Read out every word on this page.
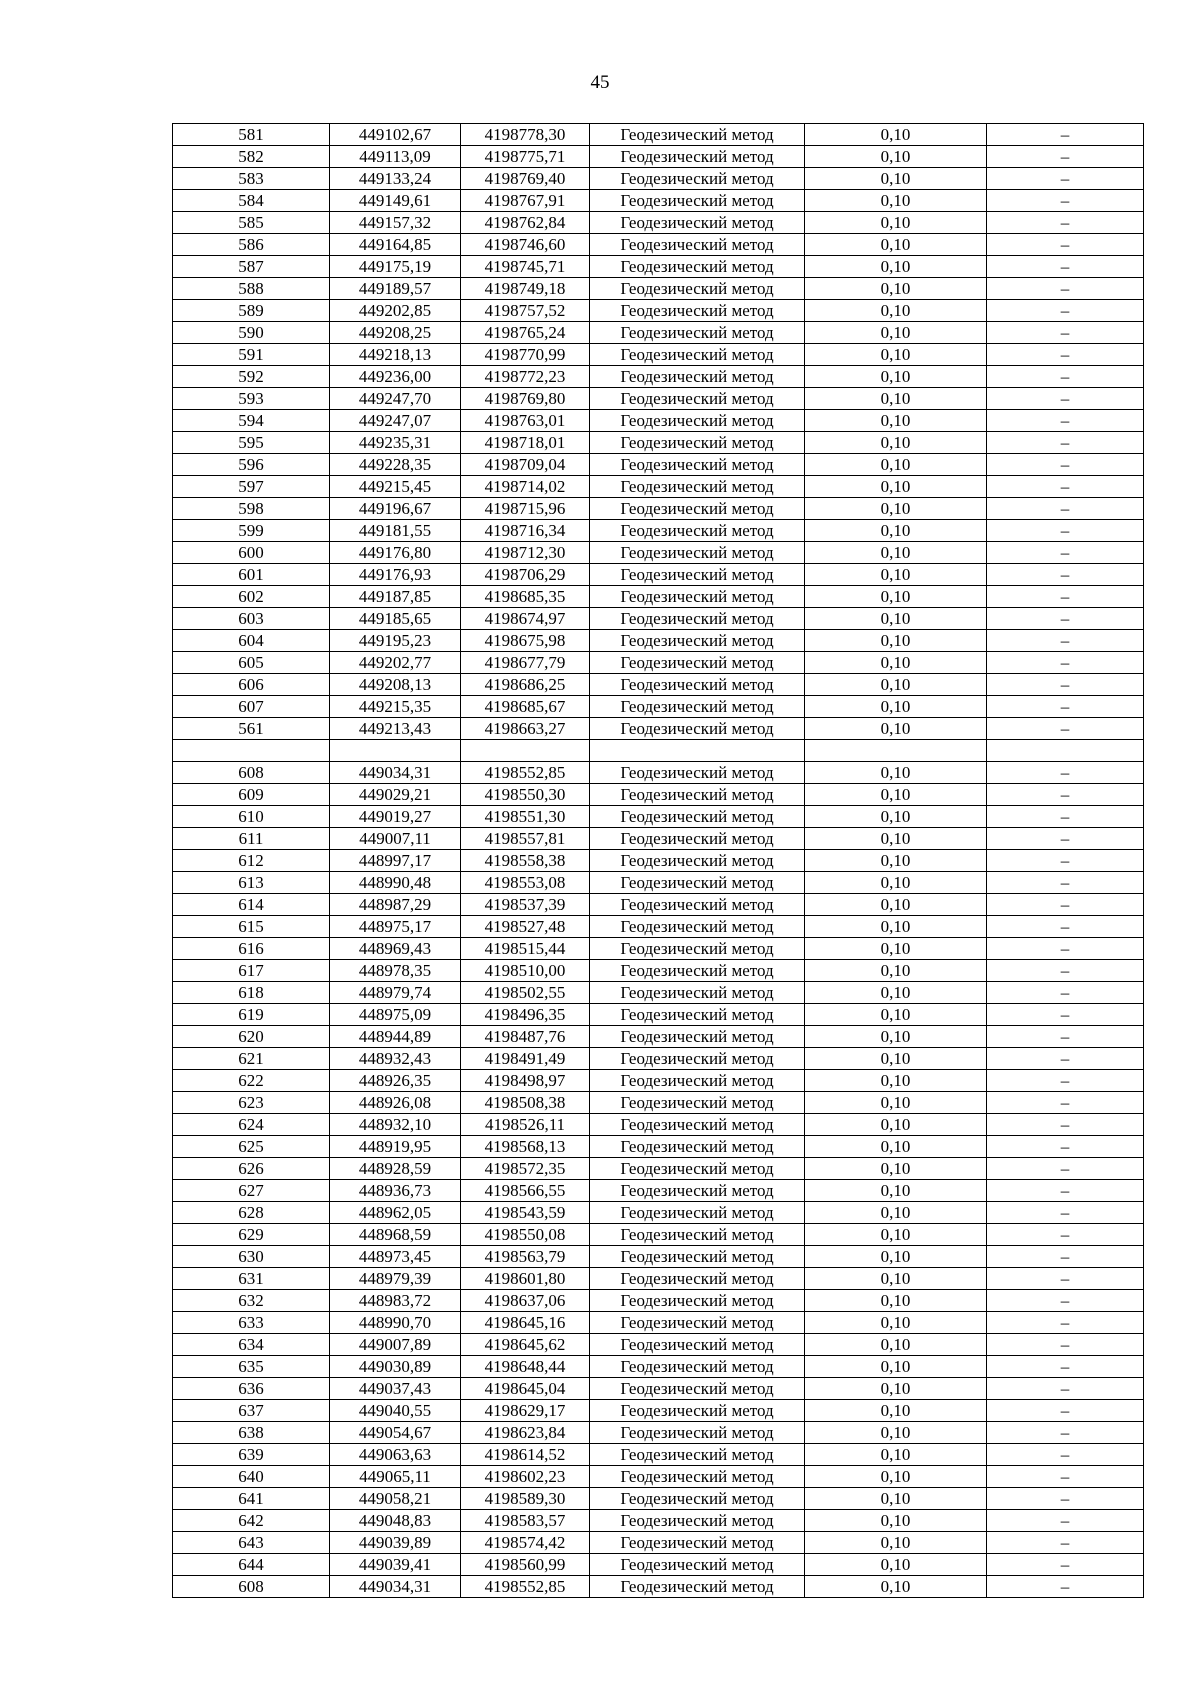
45
581	449102,67	4198778,30	Геодезический метод	0,10	–
582	449113,09	4198775,71	Геодезический метод	0,10	–
583	449133,24	4198769,40	Геодезический метод	0,10	–
584	449149,61	4198767,91	Геодезический метод	0,10	–
585	449157,32	4198762,84	Геодезический метод	0,10	–
586	449164,85	4198746,60	Геодезический метод	0,10	–
587	449175,19	4198745,71	Геодезический метод	0,10	–
588	449189,57	4198749,18	Геодезический метод	0,10	–
589	449202,85	4198757,52	Геодезический метод	0,10	–
590	449208,25	4198765,24	Геодезический метод	0,10	–
591	449218,13	4198770,99	Геодезический метод	0,10	–
592	449236,00	4198772,23	Геодезический метод	0,10	–
593	449247,70	4198769,80	Геодезический метод	0,10	–
594	449247,07	4198763,01	Геодезический метод	0,10	–
595	449235,31	4198718,01	Геодезический метод	0,10	–
596	449228,35	4198709,04	Геодезический метод	0,10	–
597	449215,45	4198714,02	Геодезический метод	0,10	–
598	449196,67	4198715,96	Геодезический метод	0,10	–
599	449181,55	4198716,34	Геодезический метод	0,10	–
600	449176,80	4198712,30	Геодезический метод	0,10	–
601	449176,93	4198706,29	Геодезический метод	0,10	–
602	449187,85	4198685,35	Геодезический метод	0,10	–
603	449185,65	4198674,97	Геодезический метод	0,10	–
604	449195,23	4198675,98	Геодезический метод	0,10	–
605	449202,77	4198677,79	Геодезический метод	0,10	–
606	449208,13	4198686,25	Геодезический метод	0,10	–
607	449215,35	4198685,67	Геодезический метод	0,10	–
561	449213,43	4198663,27	Геодезический метод	0,10	–

608	449034,31	4198552,85	Геодезический метод	0,10	–
609	449029,21	4198550,30	Геодезический метод	0,10	–
610	449019,27	4198551,30	Геодезический метод	0,10	–
611	449007,11	4198557,81	Геодезический метод	0,10	–
612	448997,17	4198558,38	Геодезический метод	0,10	–
613	448990,48	4198553,08	Геодезический метод	0,10	–
614	448987,29	4198537,39	Геодезический метод	0,10	–
615	448975,17	4198527,48	Геодезический метод	0,10	–
616	448969,43	4198515,44	Геодезический метод	0,10	–
617	448978,35	4198510,00	Геодезический метод	0,10	–
618	448979,74	4198502,55	Геодезический метод	0,10	–
619	448975,09	4198496,35	Геодезический метод	0,10	–
620	448944,89	4198487,76	Геодезический метод	0,10	–
621	448932,43	4198491,49	Геодезический метод	0,10	–
622	448926,35	4198498,97	Геодезический метод	0,10	–
623	448926,08	4198508,38	Геодезический метод	0,10	–
624	448932,10	4198526,11	Геодезический метод	0,10	–
625	448919,95	4198568,13	Геодезический метод	0,10	–
626	448928,59	4198572,35	Геодезический метод	0,10	–
627	448936,73	4198566,55	Геодезический метод	0,10	–
628	448962,05	4198543,59	Геодезический метод	0,10	–
629	448968,59	4198550,08	Геодезический метод	0,10	–
630	448973,45	4198563,79	Геодезический метод	0,10	–
631	448979,39	4198601,80	Геодезический метод	0,10	–
632	448983,72	4198637,06	Геодезический метод	0,10	–
633	448990,70	4198645,16	Геодезический метод	0,10	–
634	449007,89	4198645,62	Геодезический метод	0,10	–
635	449030,89	4198648,44	Геодезический метод	0,10	–
636	449037,43	4198645,04	Геодезический метод	0,10	–
637	449040,55	4198629,17	Геодезический метод	0,10	–
638	449054,67	4198623,84	Геодезический метод	0,10	–
639	449063,63	4198614,52	Геодезический метод	0,10	–
640	449065,11	4198602,23	Геодезический метод	0,10	–
641	449058,21	4198589,30	Геодезический метод	0,10	–
642	449048,83	4198583,57	Геодезический метод	0,10	–
643	449039,89	4198574,42	Геодезический метод	0,10	–
644	449039,41	4198560,99	Геодезический метод	0,10	–
608	449034,31	4198552,85	Геодезический метод	0,10	–
